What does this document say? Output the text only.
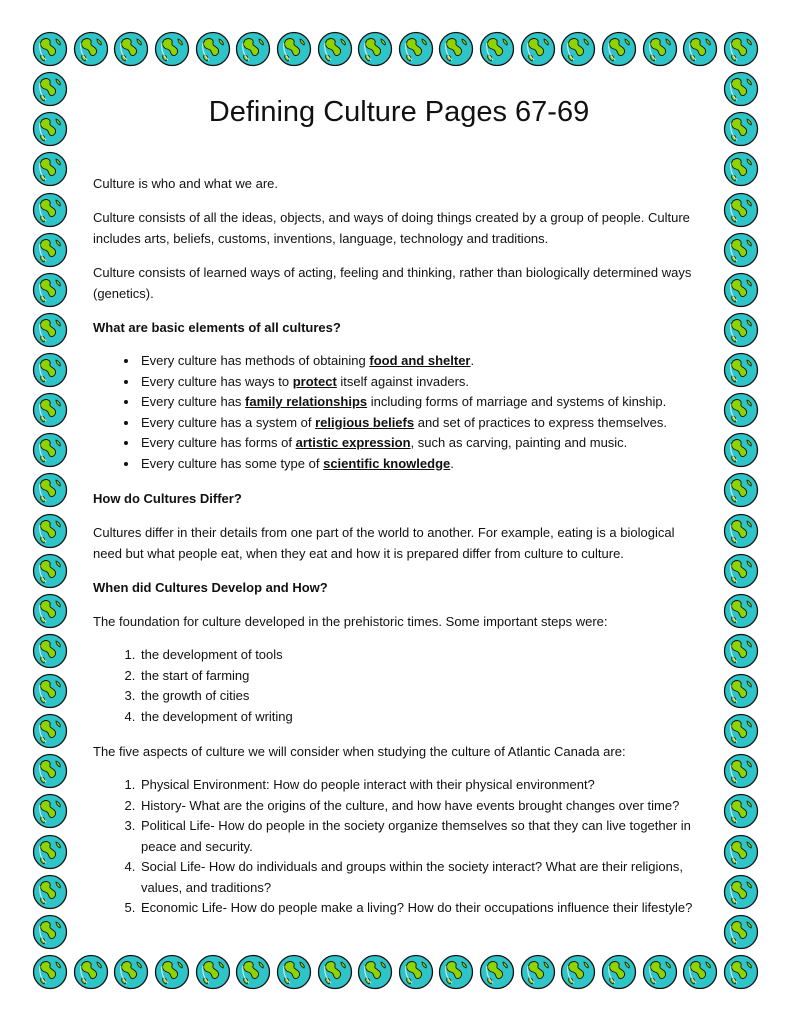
Defining Culture Pages 67-69

Culture is who and what we are.

Culture consists of all the ideas, objects, and ways of doing things created by a group of people. Culture includes arts, beliefs, customs, inventions, language, technology and traditions.

Culture consists of learned ways of acting, feeling and thinking, rather than biologically determined ways (genetics).

What are basic elements of all cultures?

• Every culture has methods of obtaining food and shelter.
• Every culture has ways to protect itself against invaders.
• Every culture has family relationships including forms of marriage and systems of kinship.
• Every culture has a system of religious beliefs and set of practices to express themselves.
• Every culture has forms of artistic expression, such as carving, painting and music.
• Every culture has some type of scientific knowledge.

How do Cultures Differ?

Cultures differ in their details from one part of the world to another. For example, eating is a biological need but what people eat, when they eat and how it is prepared differ from culture to culture.

When did Cultures Develop and How?

The foundation for culture developed in the prehistoric times. Some important steps were:

1. the development of tools
2. the start of farming
3. the growth of cities
4. the development of writing

The five aspects of culture we will consider when studying the culture of Atlantic Canada are:

1. Physical Environment: How do people interact with their physical environment?
2. History- What are the origins of the culture, and how have events brought changes over time?
3. Political Life- How do people in the society organize themselves so that they can live together in peace and security.
4. Social Life- How do individuals and groups within the society interact? What are their religions, values, and traditions?
5. Economic Life- How do people make a living? How do their occupations influence their lifestyle?
